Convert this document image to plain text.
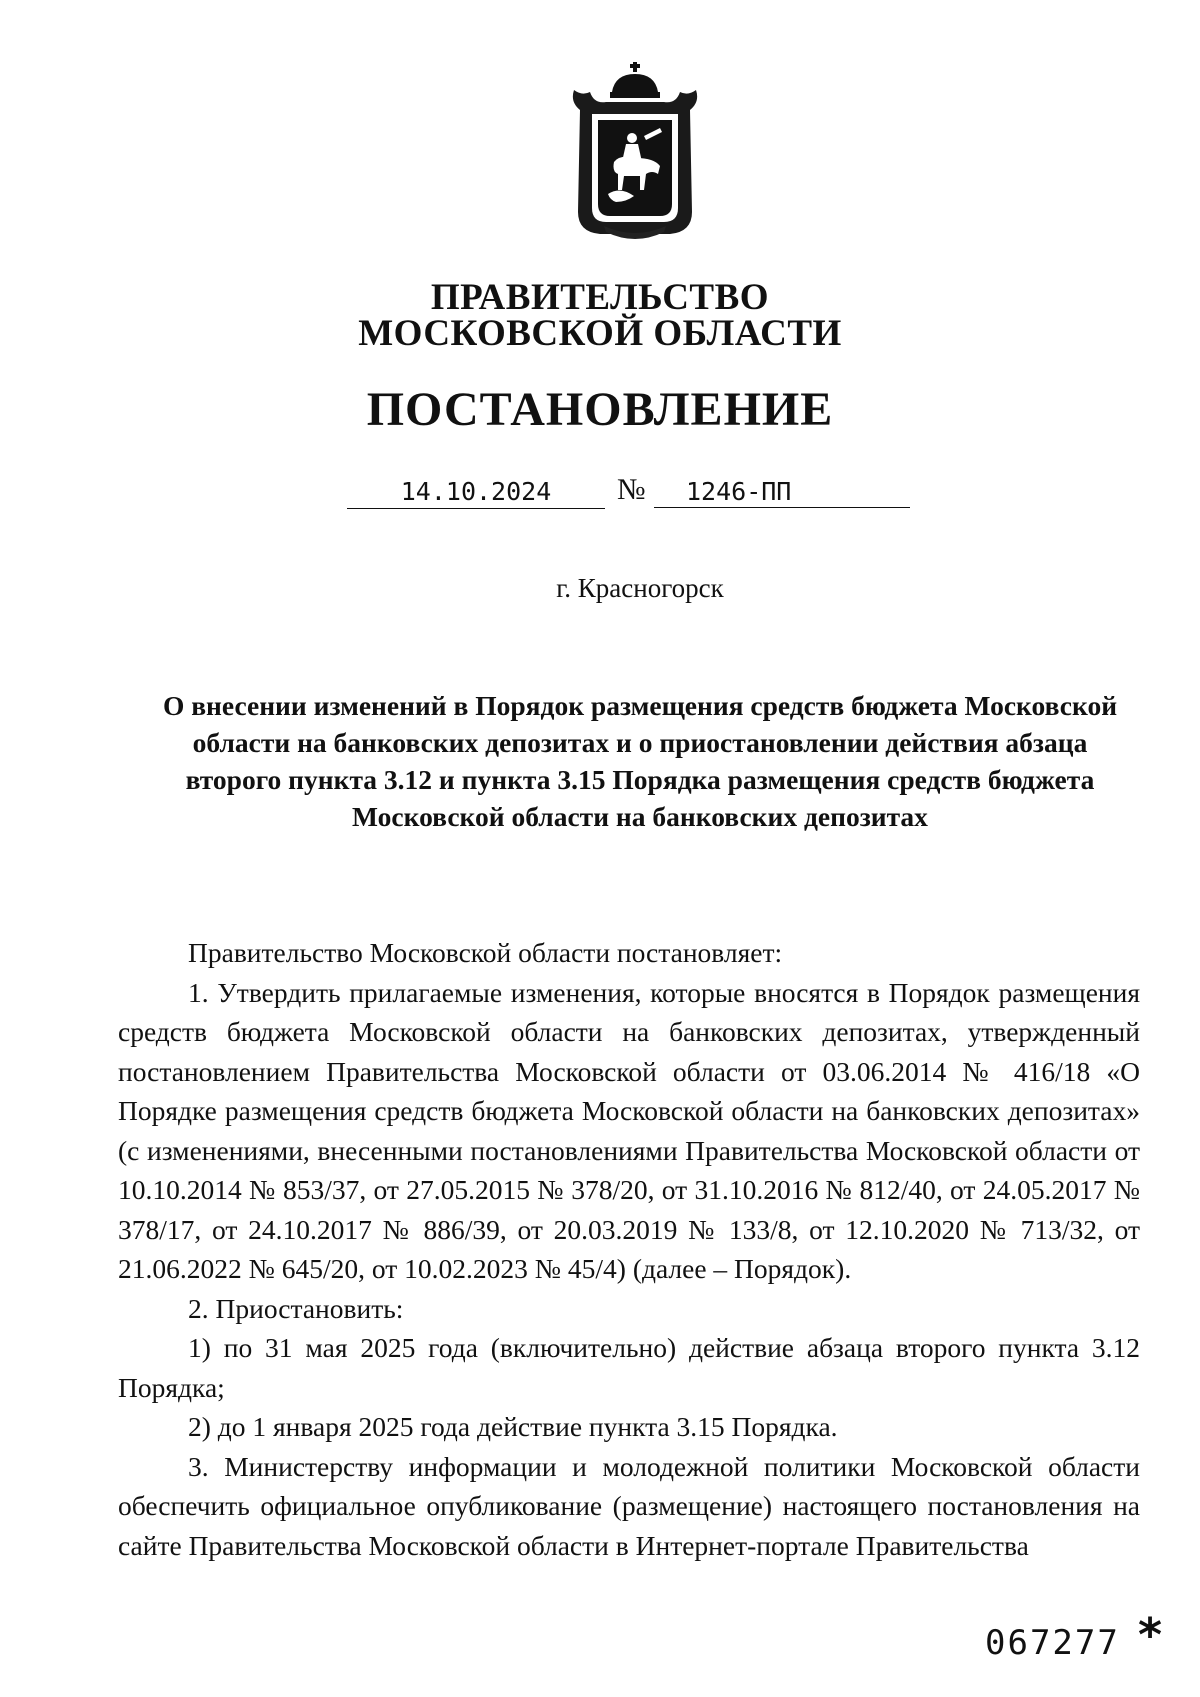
ПРАВИТЕЛЬСТВО
МОСКОВСКОЙ ОБЛАСТИ
ПОСТАНОВЛЕНИЕ
14.10.2024	№	1246-ПП
г. Красногорск
О внесении изменений в Порядок размещения средств бюджета Московской области на банковских депозитах и о приостановлении действия абзаца второго пункта 3.12 и пункта 3.15 Порядка размещения средств бюджета Московской области на банковских депозитах

Правительство Московской области постановляет:

1. Утвердить прилагаемые изменения, которые вносятся в Порядок размещения средств бюджета Московской области на банковских депозитах, утвержденный постановлением Правительства Московской области от 03.06.2014 № 416/18 «О Порядке размещения средств бюджета Московской области на банковских депозитах» (с изменениями, внесенными постановлениями Правительства Московской области от 10.10.2014 № 853/37, от 27.05.2015 № 378/20, от 31.10.2016 № 812/40, от 24.05.2017 № 378/17, от 24.10.2017 № 886/39, от 20.03.2019 № 133/8, от 12.10.2020 № 713/32, от 21.06.2022 № 645/20, от 10.02.2023 № 45/4) (далее – Порядок).

2. Приостановить:

1) по 31 мая 2025 года (включительно) действие абзаца второго пункта 3.12 Порядка;

2) до 1 января 2025 года действие пункта 3.15 Порядка.

3. Министерству информации и молодежной политики Московской области обеспечить официальное опубликование (размещение) настоящего постановления на сайте Правительства Московской области в Интернет-портале Правительства

067277 *
